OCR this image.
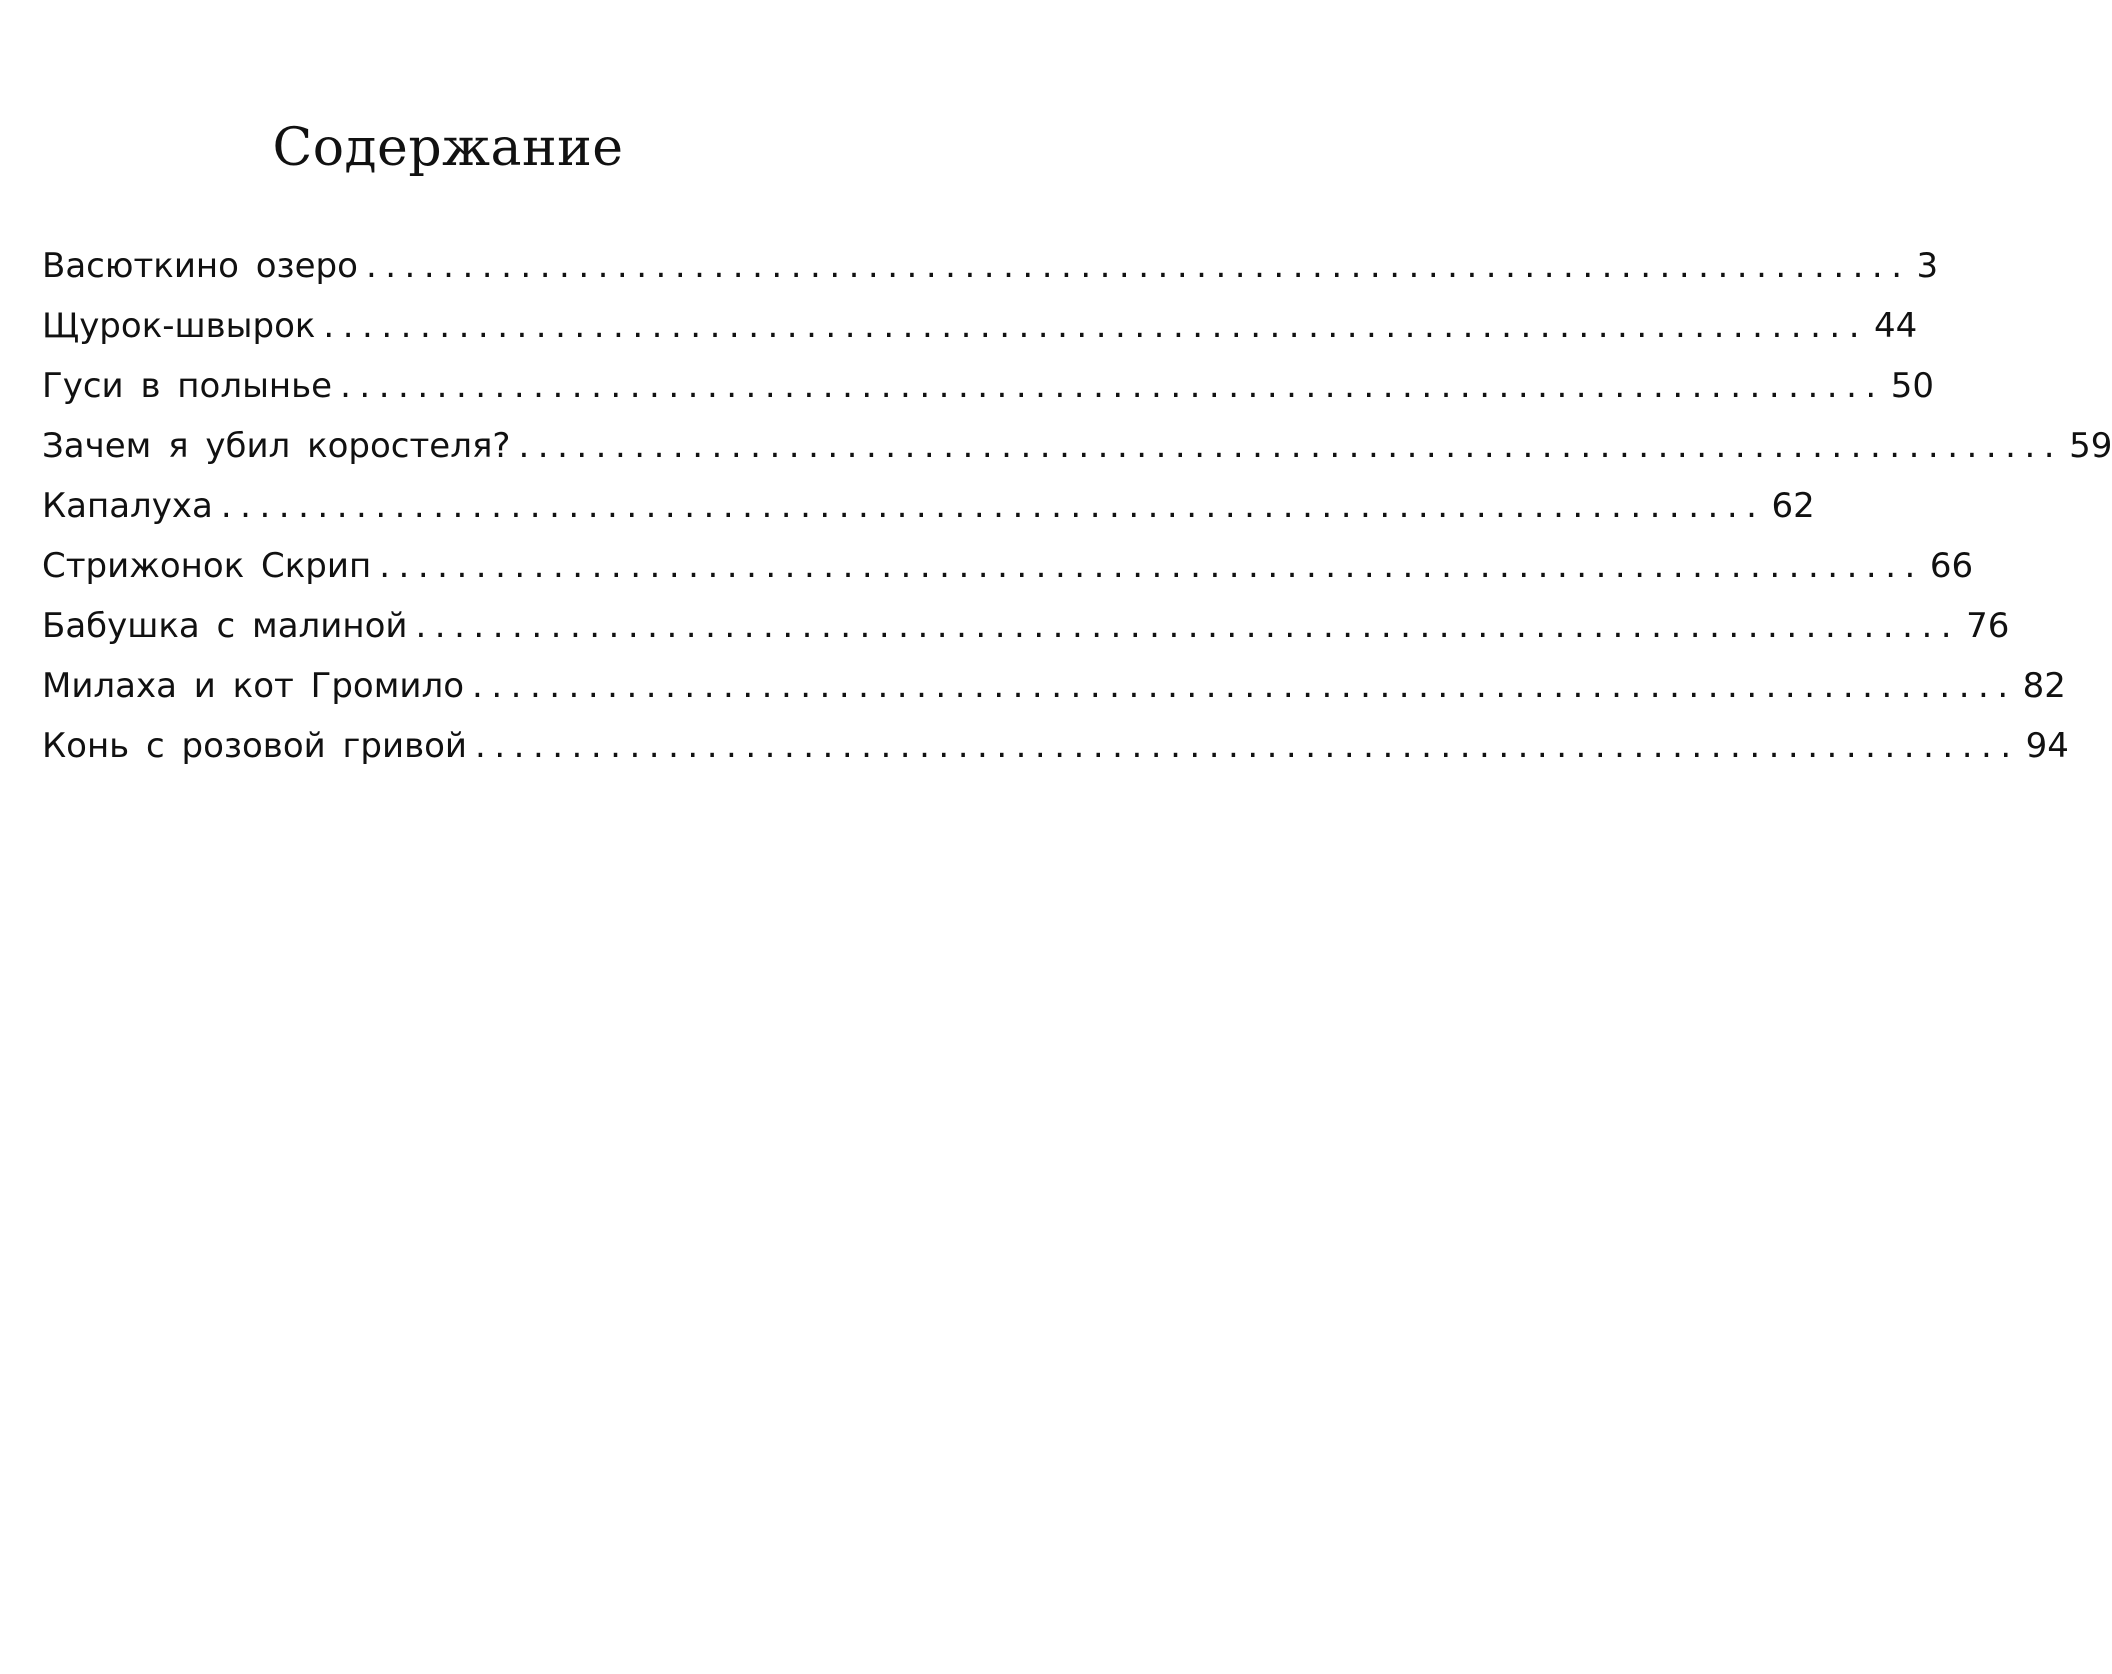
Содержание
Васюткино озеро ................................................................................ 3
Щурок-швырок ................................................................................ 44
Гуси в полынье ................................................................................ 50
Зачем я убил коростеля? ................................................................................ 59
Капалуха ................................................................................ 62
Стрижонок Скрип ................................................................................ 66
Бабушка с малиной ................................................................................ 76
Милаха и кот Громило ................................................................................ 82
Конь с розовой гривой ................................................................................ 94
